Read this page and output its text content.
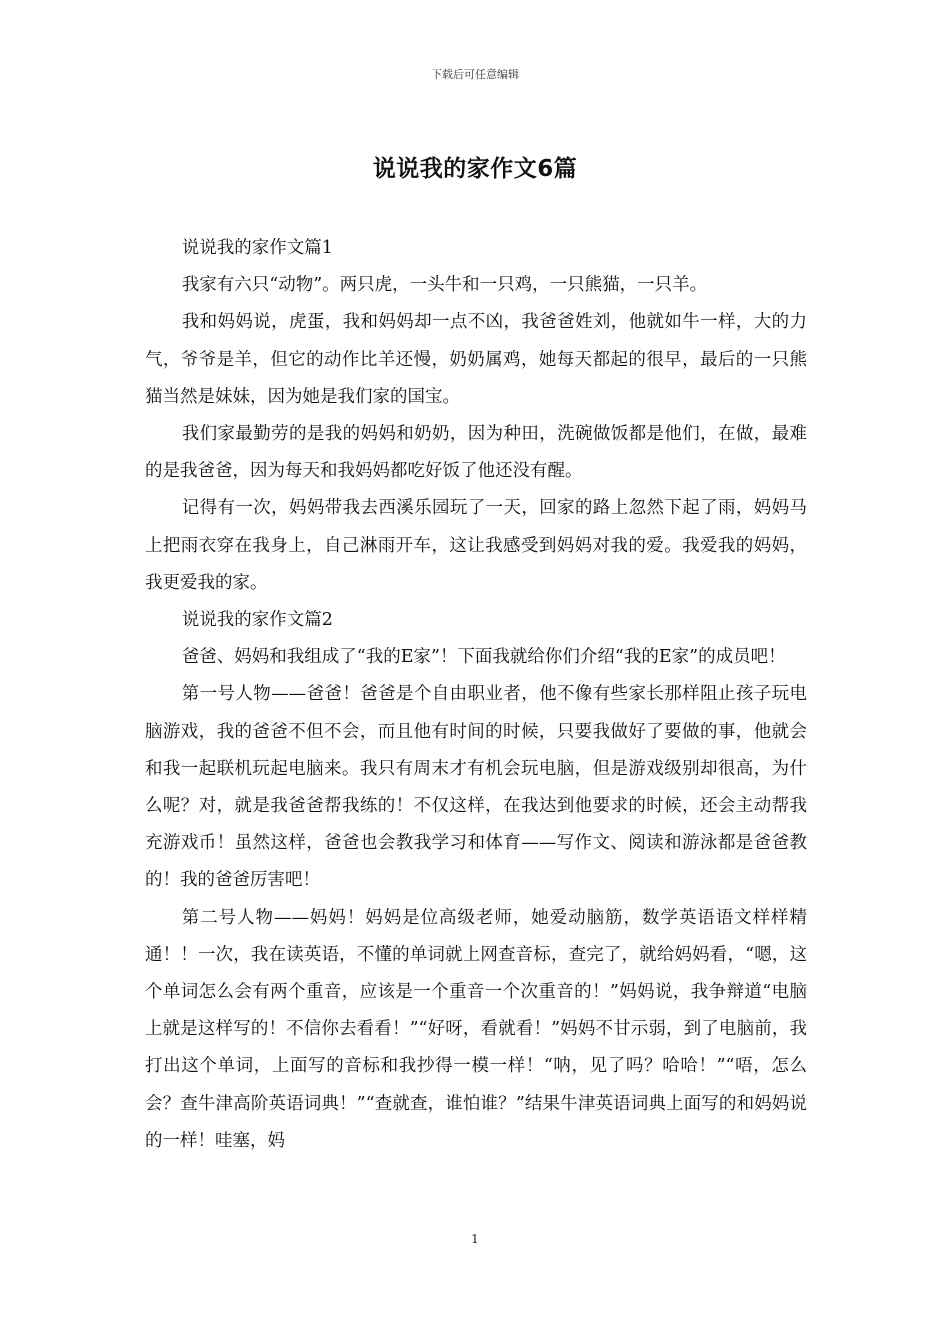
下载后可任意编辑
说说我的家作文6篇

说说我的家作文篇1

我家有六只“动物”。两只虎，一头牛和一只鸡，一只熊猫，一只羊。

我和妈妈说，虎蛋，我和妈妈却一点不凶，我爸爸姓刘，他就如牛一样，大的力气，爷爷是羊，但它的动作比羊还慢，奶奶属鸡，她每天都起的很早，最后的一只熊猫当然是妹妹，因为她是我们家的国宝。

我们家最勤劳的是我的妈妈和奶奶，因为种田，洗碗做饭都是他们，在做，最难的是我爸爸，因为每天和我妈妈都吃好饭了他还没有醒。

记得有一次，妈妈带我去西溪乐园玩了一天，回家的路上忽然下起了雨，妈妈马上把雨衣穿在我身上，自己淋雨开车，这让我感受到妈妈对我的爱。我爱我的妈妈，我更爱我的家。

说说我的家作文篇2

爸爸、妈妈和我组成了“我的E家”！下面我就给你们介绍“我的E家”的成员吧！

第一号人物——爸爸！爸爸是个自由职业者，他不像有些家长那样阻止孩子玩电脑游戏，我的爸爸不但不会，而且他有时间的时候，只要我做好了要做的事，他就会和我一起联机玩起电脑来。我只有周末才有机会玩电脑，但是游戏级别却很高，为什么呢？对，就是我爸爸帮我练的！不仅这样，在我达到他要求的时候，还会主动帮我充游戏币！虽然这样，爸爸也会教我学习和体育——写作文、阅读和游泳都是爸爸教的！我的爸爸厉害吧！

第二号人物——妈妈！妈妈是位高级老师，她爱动脑筋，数学英语语文样样精通！！一次，我在读英语，不懂的单词就上网查音标，查完了，就给妈妈看，“嗯，这个单词怎么会有两个重音，应该是一个重音一个次重音的！”妈妈说，我争辩道“电脑上就是这样写的！不信你去看看！”“好呀，看就看！”妈妈不甘示弱，到了电脑前，我打出这个单词，上面写的音标和我抄得一模一样！“呐，见了吗？哈哈！”“唔，怎么会？查牛津高阶英语词典！”“查就查，谁怕谁？”结果牛津英语词典上面写的和妈妈说的一样！哇塞，妈

1
